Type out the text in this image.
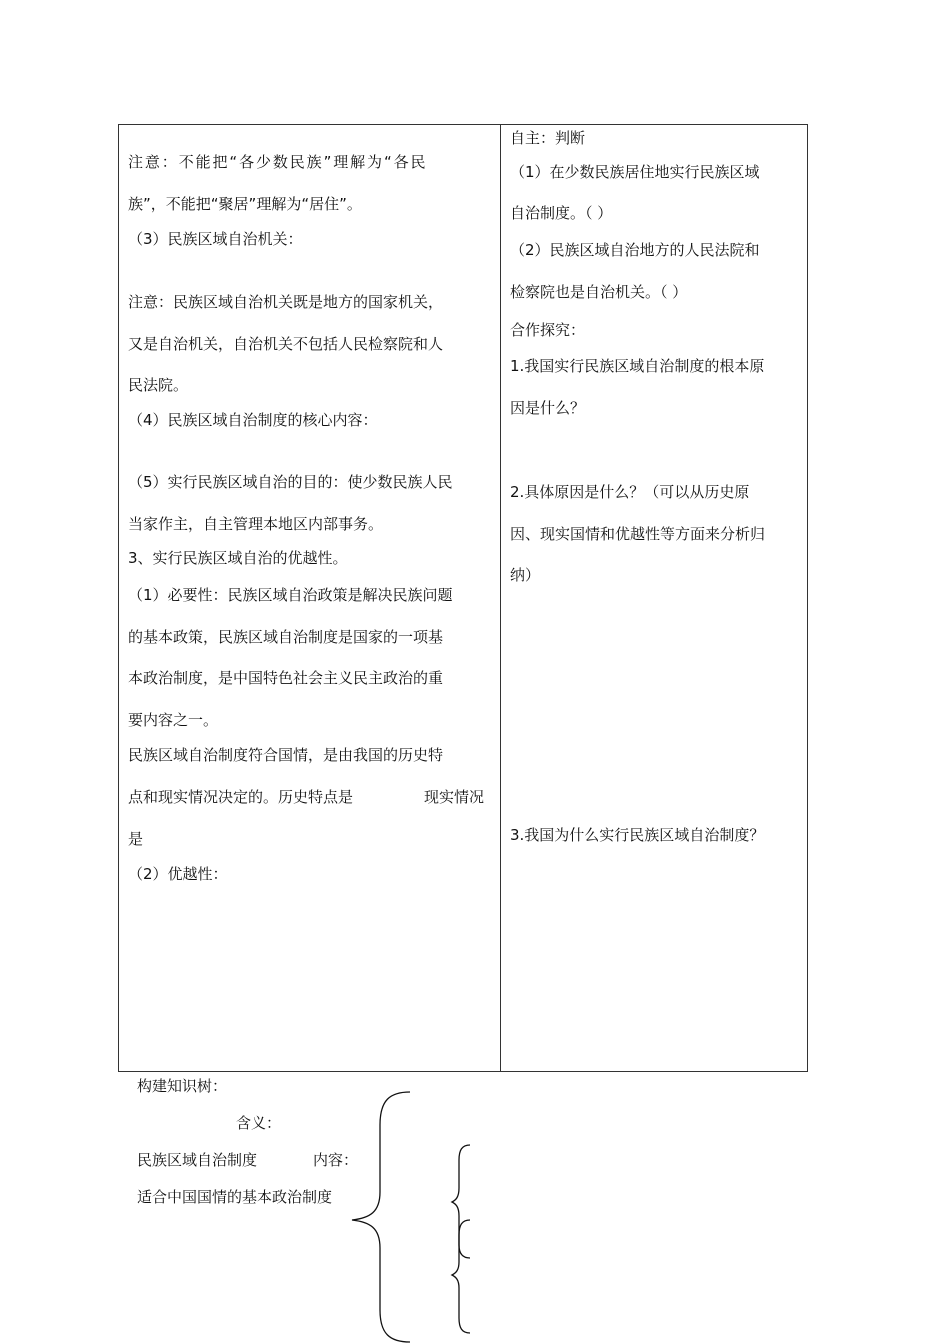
注意：不能把“各少数民族”理解为“各民
族”，不能把“聚居”理解为“居住”。
（3）民族区域自治机关：
注意：民族区域自治机关既是地方的国家机关，
又是自治机关，自治机关不包括人民检察院和人
民法院。
（4）民族区域自治制度的核心内容：
（5）实行民族区域自治的目的：使少数民族人民
当家作主，自主管理本地区内部事务。
3、实行民族区域自治的优越性。
（1）必要性：民族区域自治政策是解决民族问题
的基本政策，民族区域自治制度是国家的一项基
本政治制度，是中国特色社会主义民主政治的重
要内容之一。
民族区域自治制度符合国情，是由我国的历史特
点和现实情况决定的。历史特点是	现实情况
是
（2）优越性：
自主：判断
（1）在少数民族居住地实行民族区域
自治制度。（ ）
（2）民族区域自治地方的人民法院和
检察院也是自治机关。（ ）
合作探究：
1.我国实行民族区域自治制度的根本原
因是什么？
2.具体原因是什么？（可以从历史原
因、现实国情和优越性等方面来分析归
纳）
3.我国为什么实行民族区域自治制度？
构建知识树：
含义：
民族区域自治制度	内容：
适合中国国情的基本政治制度
